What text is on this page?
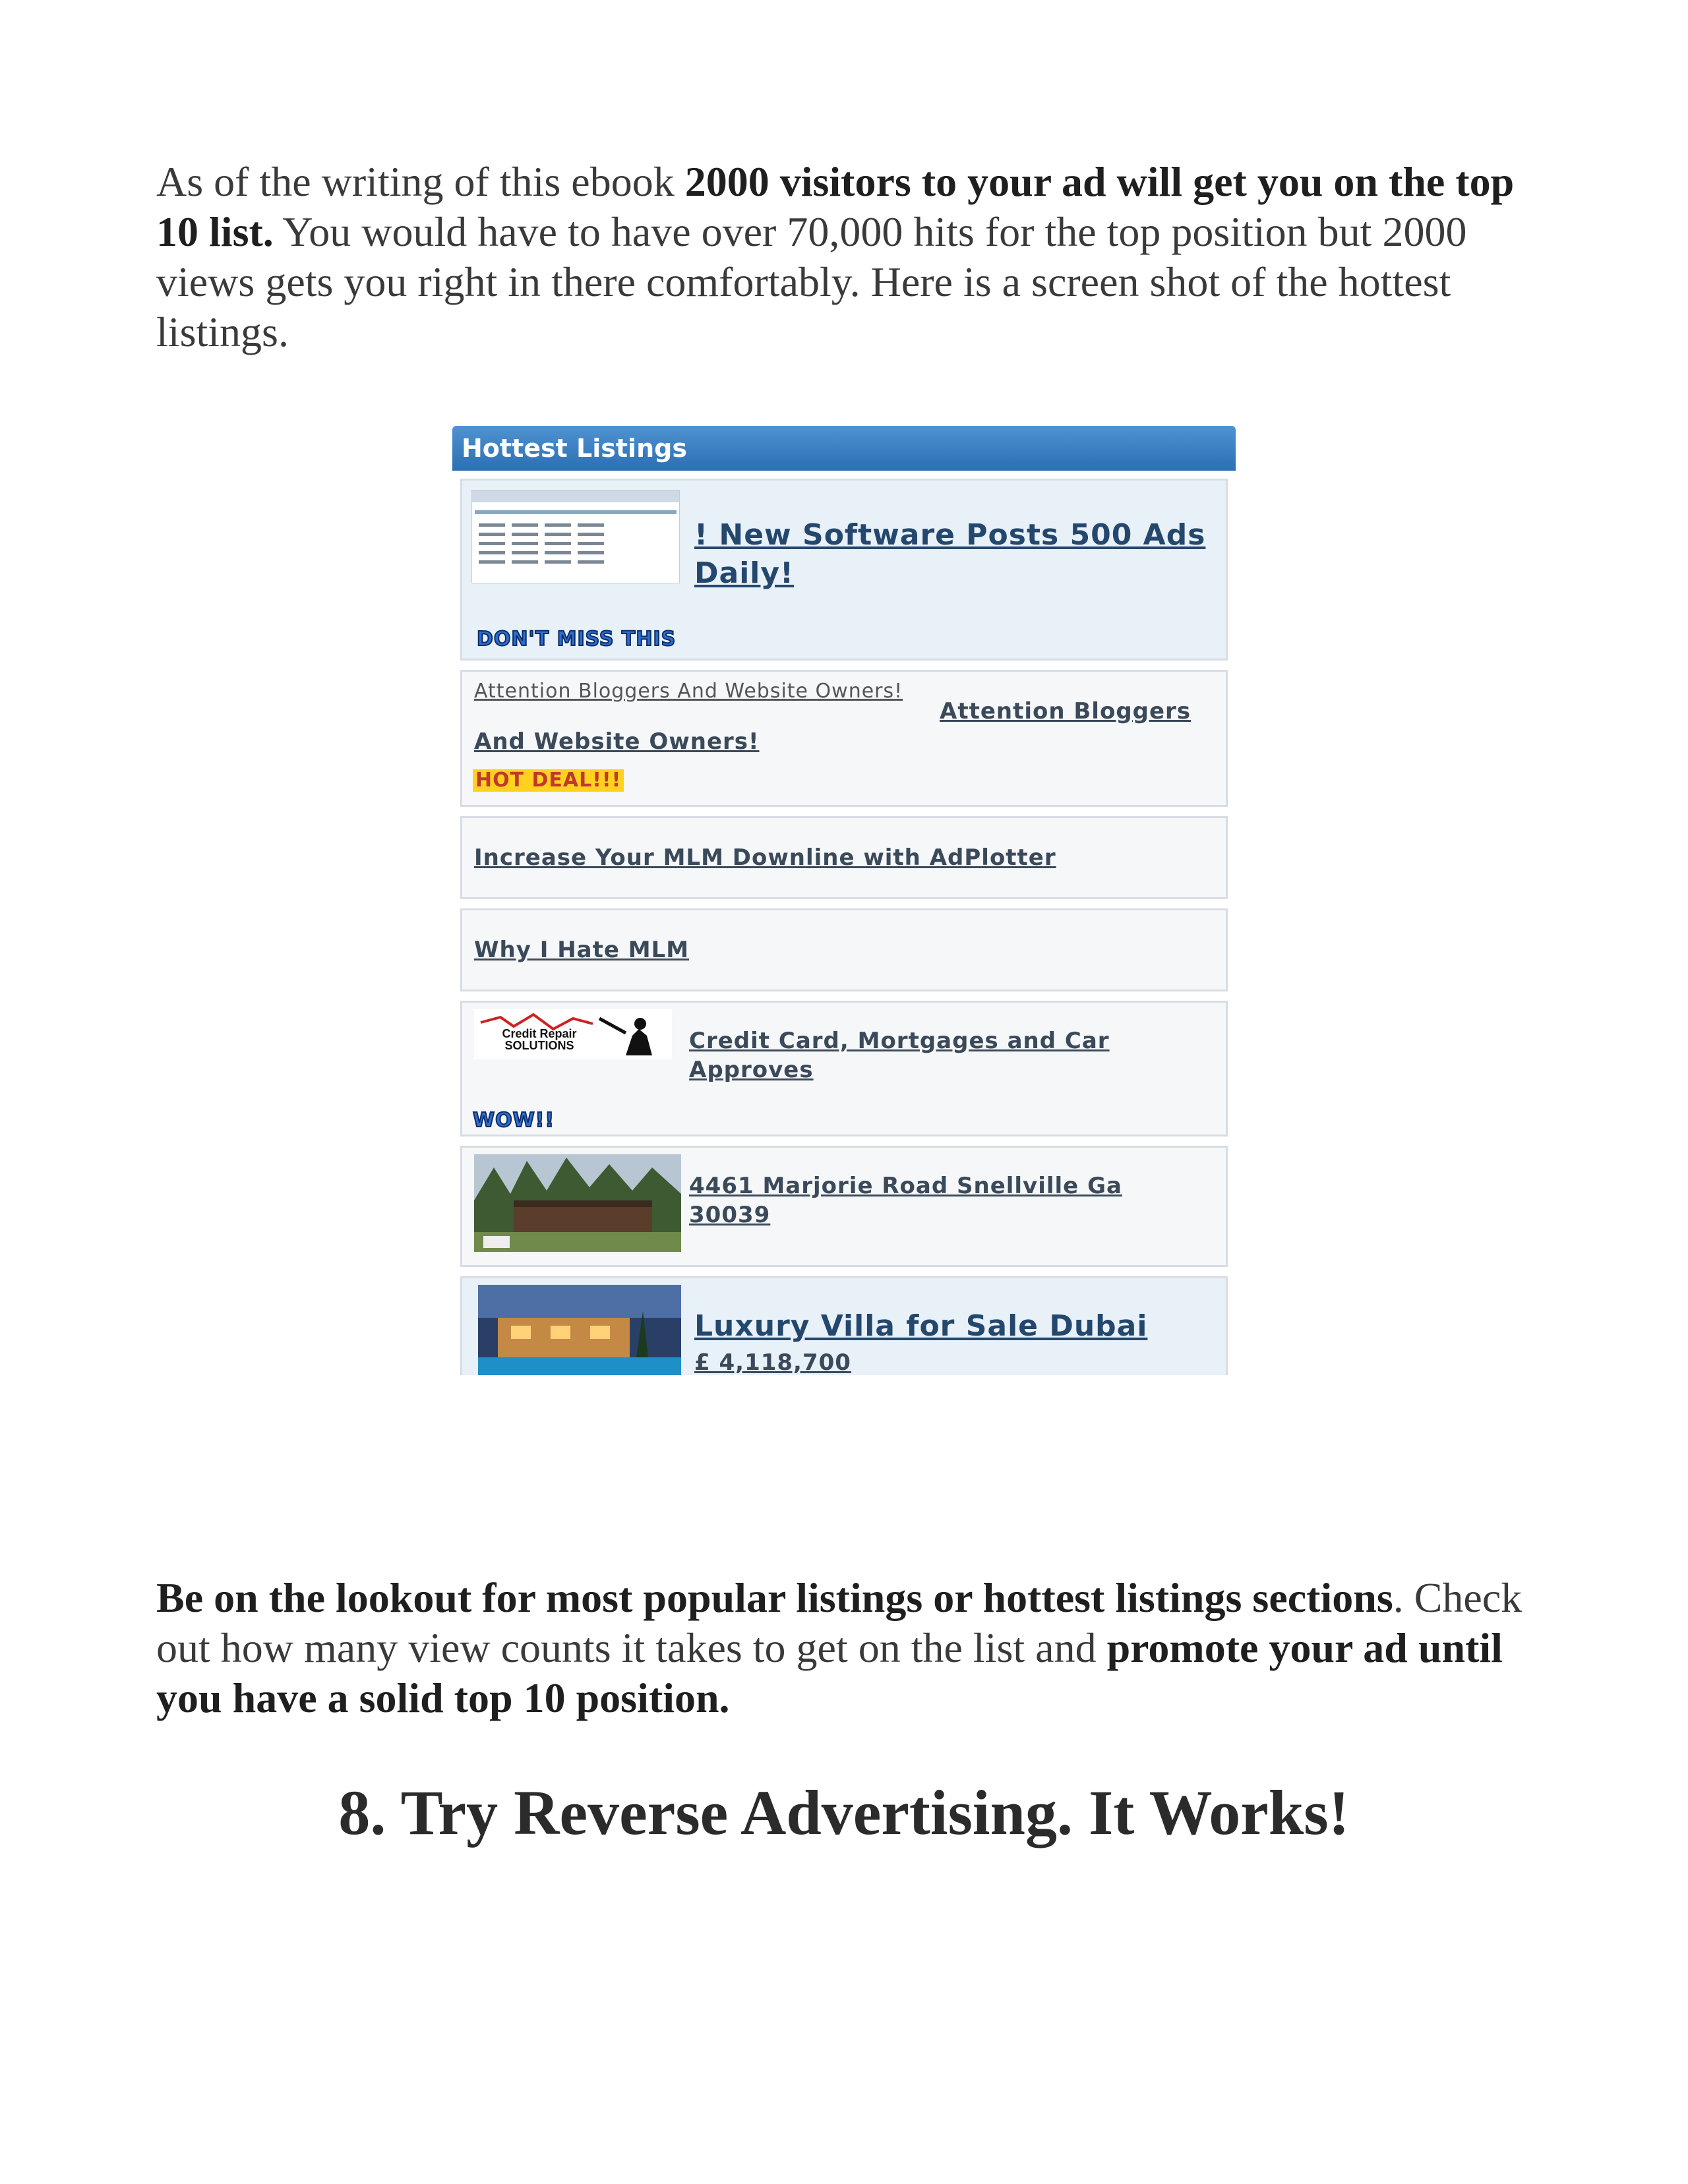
As of the writing of this ebook 2000 visitors to your ad will get you on the top 10 list. You would have to have over 70,000 hits for the top position but 2000 views gets you right in there comfortably. Here is a screen shot of the hottest listings.

Hottest Listings
! New Software Posts 500 Ads Daily!
DON'T MISS THIS
Attention Bloggers And Website Owners!
Attention Bloggers
And Website Owners!
HOT DEAL!!!
Increase Your MLM Downline with AdPlotter
Why I Hate MLM
Credit Repair SOLUTIONS	Credit Card, Mortgages and Car Approves
WOW!!
4461 Marjorie Road Snellville Ga 30039
Luxury Villa for Sale Dubai
£ 4,118,700

Be on the lookout for most popular listings or hottest listings sections. Check out how many view counts it takes to get on the list and promote your ad until you have a solid top 10 position.

8. Try Reverse Advertising. It Works!
